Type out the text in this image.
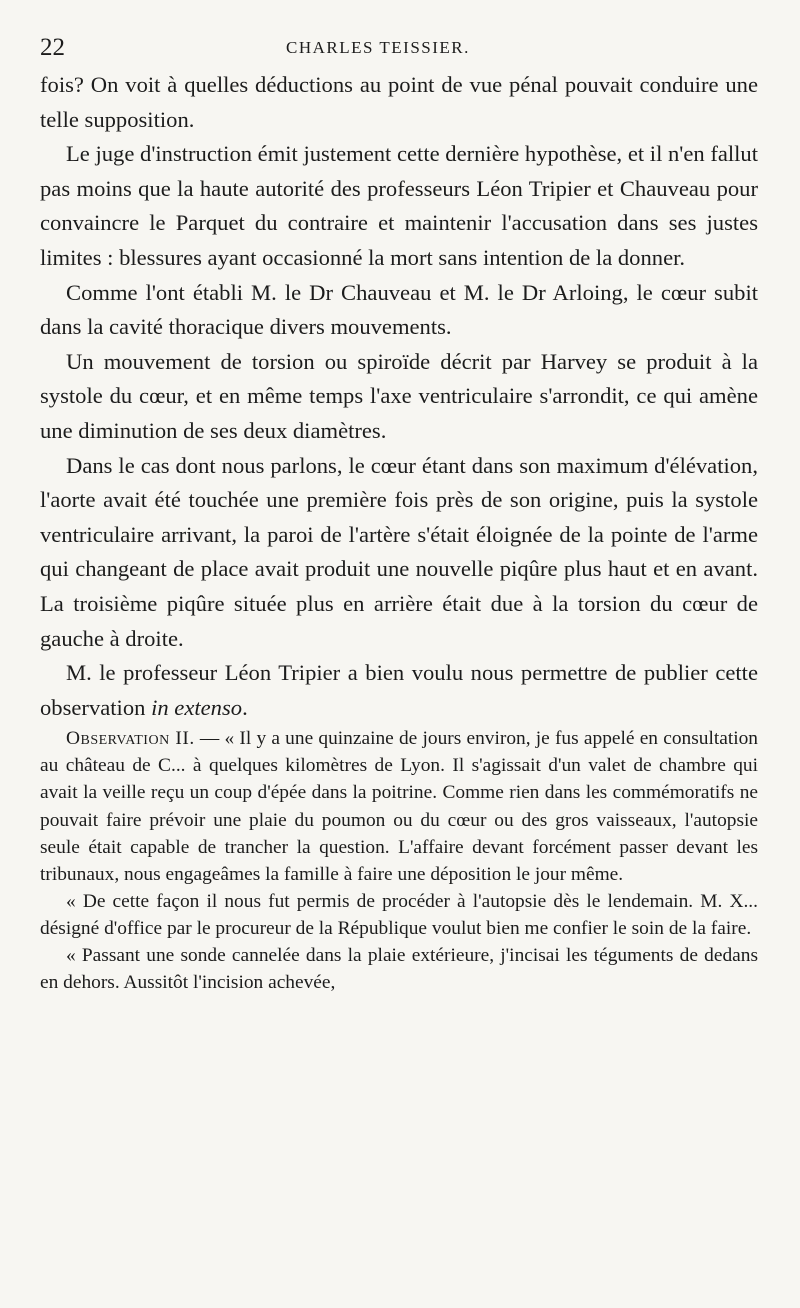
22	CHARLES TEISSIER.

fois? On voit à quelles déductions au point de vue pénal pouvait conduire une telle supposition.

Le juge d'instruction émit justement cette dernière hypothèse, et il n'en fallut pas moins que la haute autorité des professeurs Léon Tripier et Chauveau pour convaincre le Parquet du contraire et maintenir l'accusation dans ses justes limites : blessures ayant occasionné la mort sans intention de la donner.

Comme l'ont établi M. le Dr Chauveau et M. le Dr Arloing, le cœur subit dans la cavité thoracique divers mouvements.

Un mouvement de torsion ou spiroïde décrit par Harvey se produit à la systole du cœur, et en même temps l'axe ventriculaire s'arrondit, ce qui amène une diminution de ses deux diamètres.

Dans le cas dont nous parlons, le cœur étant dans son maximum d'élévation, l'aorte avait été touchée une première fois près de son origine, puis la systole ventriculaire arrivant, la paroi de l'artère s'était éloignée de la pointe de l'arme qui changeant de place avait produit une nouvelle piqûre plus haut et en avant. La troisième piqûre située plus en arrière était due à la torsion du cœur de gauche à droite.

M. le professeur Léon Tripier a bien voulu nous permettre de publier cette observation in extenso.

Observation II. — « Il y a une quinzaine de jours environ, je fus appelé en consultation au château de C... à quelques kilomètres de Lyon. Il s'agissait d'un valet de chambre qui avait la veille reçu un coup d'épée dans la poitrine. Comme rien dans les commémoratifs ne pouvait faire prévoir une plaie du poumon ou du cœur ou des gros vaisseaux, l'autopsie seule était capable de trancher la question. L'affaire devant forcément passer devant les tribunaux, nous engageâmes la famille à faire une déposition le jour même.

« De cette façon il nous fut permis de procéder à l'autopsie dès le lendemain. M. X... désigné d'office par le procureur de la République voulut bien me confier le soin de la faire.

« Passant une sonde cannelée dans la plaie extérieure, j'incisai les téguments de dedans en dehors. Aussitôt l'incision achevée,
